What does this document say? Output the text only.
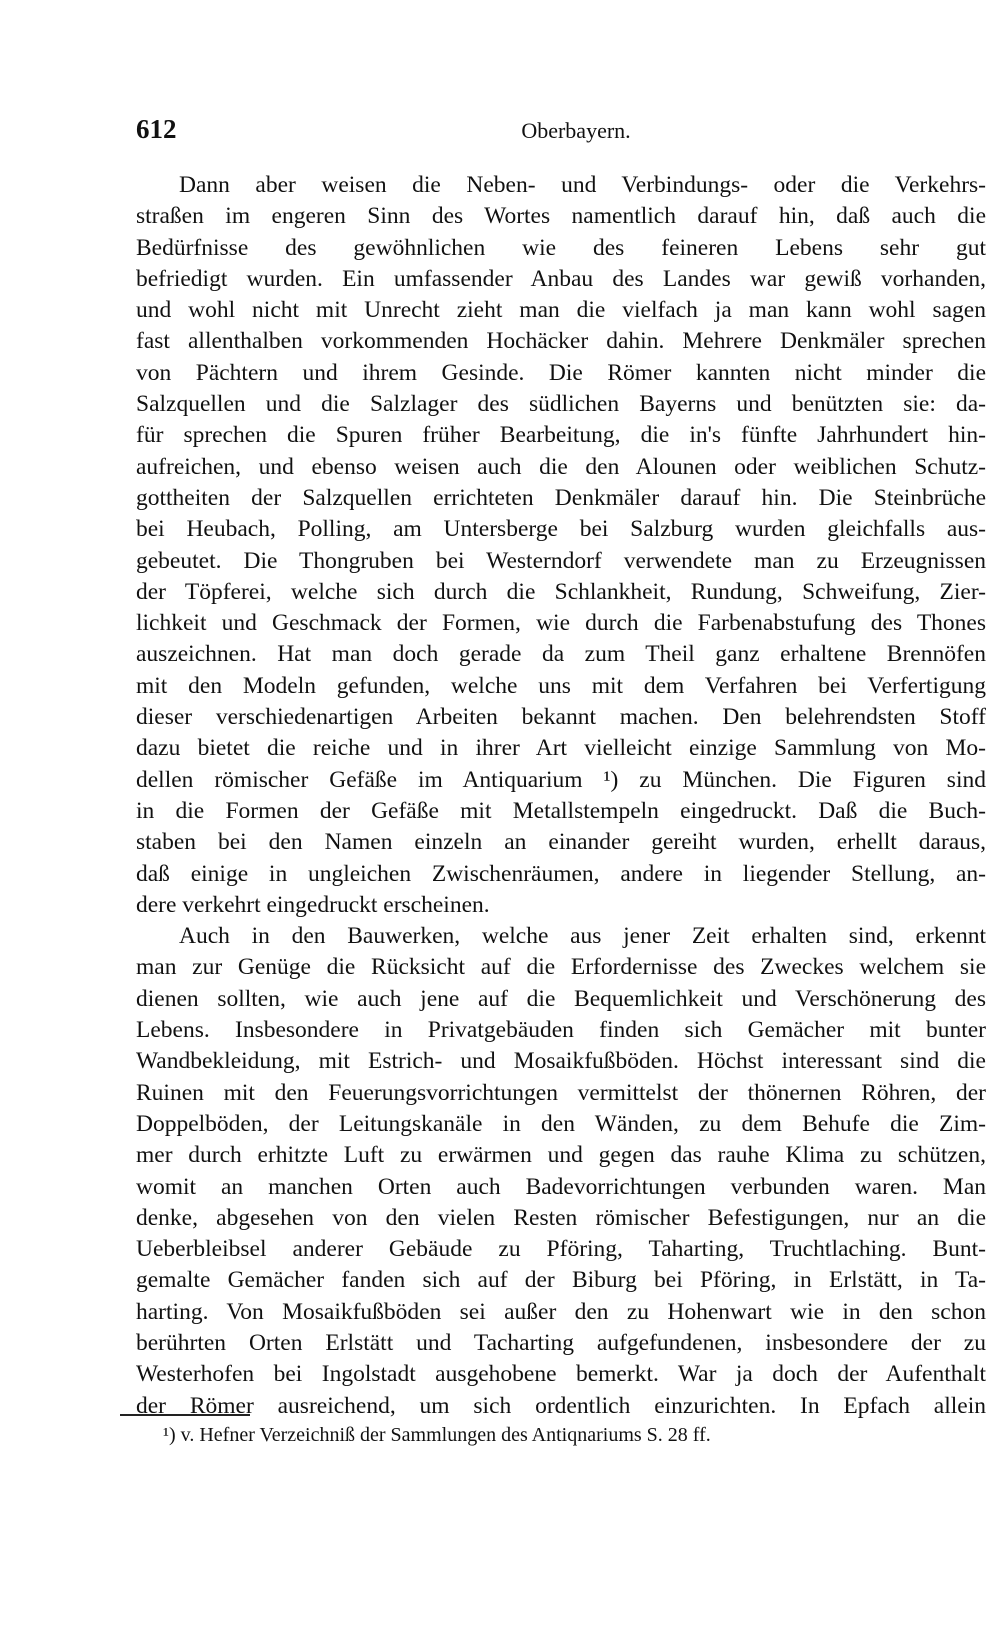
612	Oberbayern.
Dann aber weisen die Neben- und Verbindungs- oder die Verkehrs-
straßen im engeren Sinn des Wortes namentlich darauf hin, daß auch die
Bedürfnisse des gewöhnlichen wie des feineren Lebens sehr gut
befriedigt wurden. Ein umfassender Anbau des Landes war gewiß vorhanden,
und wohl nicht mit Unrecht zieht man die vielfach ja man kann wohl sagen
fast allenthalben vorkommenden Hochäcker dahin. Mehrere Denkmäler sprechen
von Pächtern und ihrem Gesinde. Die Römer kannten nicht minder die
Salzquellen und die Salzlager des südlichen Bayerns und benützten sie: da-
für sprechen die Spuren früher Bearbeitung, die in's fünfte Jahrhundert hin-
aufreichen, und ebenso weisen auch die den Alounen oder weiblichen Schutz-
gottheiten der Salzquellen errichteten Denkmäler darauf hin. Die Steinbrüche
bei Heubach, Polling, am Untersberge bei Salzburg wurden gleichfalls aus-
gebeutet. Die Thongruben bei Westerndorf verwendete man zu Erzeugnissen
der Töpferei, welche sich durch die Schlankheit, Rundung, Schweifung, Zier-
lichkeit und Geschmack der Formen, wie durch die Farbenabstufung des Thones
auszeichnen. Hat man doch gerade da zum Theil ganz erhaltene Brennöfen
mit den Modeln gefunden, welche uns mit dem Verfahren bei Verfertigung
dieser verschiedenartigen Arbeiten bekannt machen. Den belehrendsten Stoff
dazu bietet die reiche und in ihrer Art vielleicht einzige Sammlung von Mo-
dellen römischer Gefäße im Antiquarium ¹) zu München. Die Figuren sind
in die Formen der Gefäße mit Metallstempeln eingedruckt. Daß die Buch-
staben bei den Namen einzeln an einander gereiht wurden, erhellt daraus,
daß einige in ungleichen Zwischenräumen, andere in liegender Stellung, an-
dere verkehrt eingedruckt erscheinen.
Auch in den Bauwerken, welche aus jener Zeit erhalten sind, erkennt
man zur Genüge die Rücksicht auf die Erfordernisse des Zweckes welchem sie
dienen sollten, wie auch jene auf die Bequemlichkeit und Verschönerung des
Lebens. Insbesondere in Privatgebäuden finden sich Gemächer mit bunter
Wandbekleidung, mit Estrich- und Mosaikfußböden. Höchst interessant sind die
Ruinen mit den Feuerungsvorrichtungen vermittelst der thönernen Röhren, der
Doppelböden, der Leitungskanäle in den Wänden, zu dem Behufe die Zim-
mer durch erhitzte Luft zu erwärmen und gegen das rauhe Klima zu schützen,
womit an manchen Orten auch Badevorrichtungen verbunden waren. Man
denke, abgesehen von den vielen Resten römischer Befestigungen, nur an die
Ueberbleibsel anderer Gebäude zu Pföring, Taharting, Truchtlaching. Bunt-
gemalte Gemächer fanden sich auf der Biburg bei Pföring, in Erlstätt, in Ta-
harting. Von Mosaikfußböden sei außer den zu Hohenwart wie in den schon
berührten Orten Erlstätt und Tacharting aufgefundenen, insbesondere der zu
Westerhofen bei Ingolstadt ausgehobene bemerkt. War ja doch der Aufenthalt
der Römer ausreichend, um sich ordentlich einzurichten. In Epfach allein
¹) v. Hefner Verzeichniß der Sammlungen des Antiqnariums S. 28 ff.
